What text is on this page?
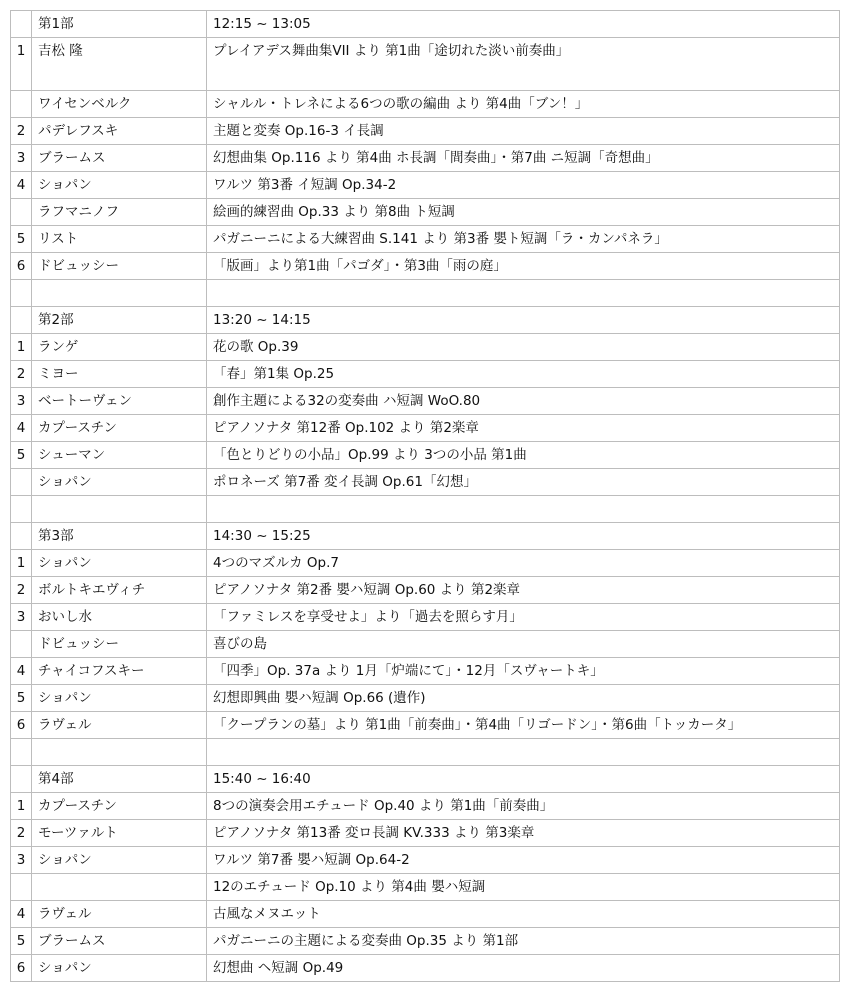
	第1部	12:15 ~ 13:05
1	吉松 隆	プレイアデス舞曲集VII より 第1曲「途切れた淡い前奏曲」
	ワイセンベルク	シャルル・トレネによる6つの歌の編曲 より 第4曲「ブン！」
2	パデレフスキ	主題と変奏 Op.16-3 イ長調
3	ブラームス	幻想曲集 Op.116 より 第4曲 ホ長調「間奏曲」・第7曲 ニ短調「奇想曲」
4	ショパン	ワルツ 第3番 イ短調 Op.34-2
	ラフマニノフ	絵画的練習曲 Op.33 より 第8曲 ト短調
5	リスト	パガニーニによる大練習曲 S.141 より 第3番 嬰ト短調「ラ・カンパネラ」
6	ドビュッシー	「版画」より第1曲「パゴダ」・第3曲「雨の庭」

	第2部	13:20 ~ 14:15
1	ランゲ	花の歌 Op.39
2	ミヨー	「春」第1集 Op.25
3	ベートーヴェン	創作主題による32の変奏曲 ハ短調 WoO.80
4	カプースチン	ピアノソナタ 第12番 Op.102 より 第2楽章
5	シューマン	「色とりどりの小品」Op.99 より 3つの小品 第1曲
	ショパン	ポロネーズ 第7番 変イ長調 Op.61「幻想」

	第3部	14:30 ~ 15:25
1	ショパン	4つのマズルカ Op.7
2	ボルトキエヴィチ	ピアノソナタ 第2番 嬰ハ短調 Op.60 より 第2楽章
3	おいし水	「ファミレスを享受せよ」より「過去を照らす月」
	ドビュッシー	喜びの島
4	チャイコフスキー	「四季」Op. 37a より 1月「炉端にて」・12月「スヴャートキ」
5	ショパン	幻想即興曲 嬰ハ短調 Op.66 (遺作)
6	ラヴェル	「クープランの墓」より 第1曲「前奏曲」・第4曲「リゴードン」・第6曲「トッカータ」

	第4部	15:40 ~ 16:40
1	カプースチン	8つの演奏会用エチュード Op.40 より 第1曲「前奏曲」
2	モーツァルト	ピアノソナタ 第13番 変ロ長調 KV.333 より 第3楽章
3	ショパン	ワルツ 第7番 嬰ハ短調 Op.64-2
		12のエチュード Op.10 より 第4曲 嬰ハ短調
4	ラヴェル	古風なメヌエット
5	ブラームス	パガニーニの主題による変奏曲 Op.35 より 第1部
6	ショパン	幻想曲 ヘ短調 Op.49
